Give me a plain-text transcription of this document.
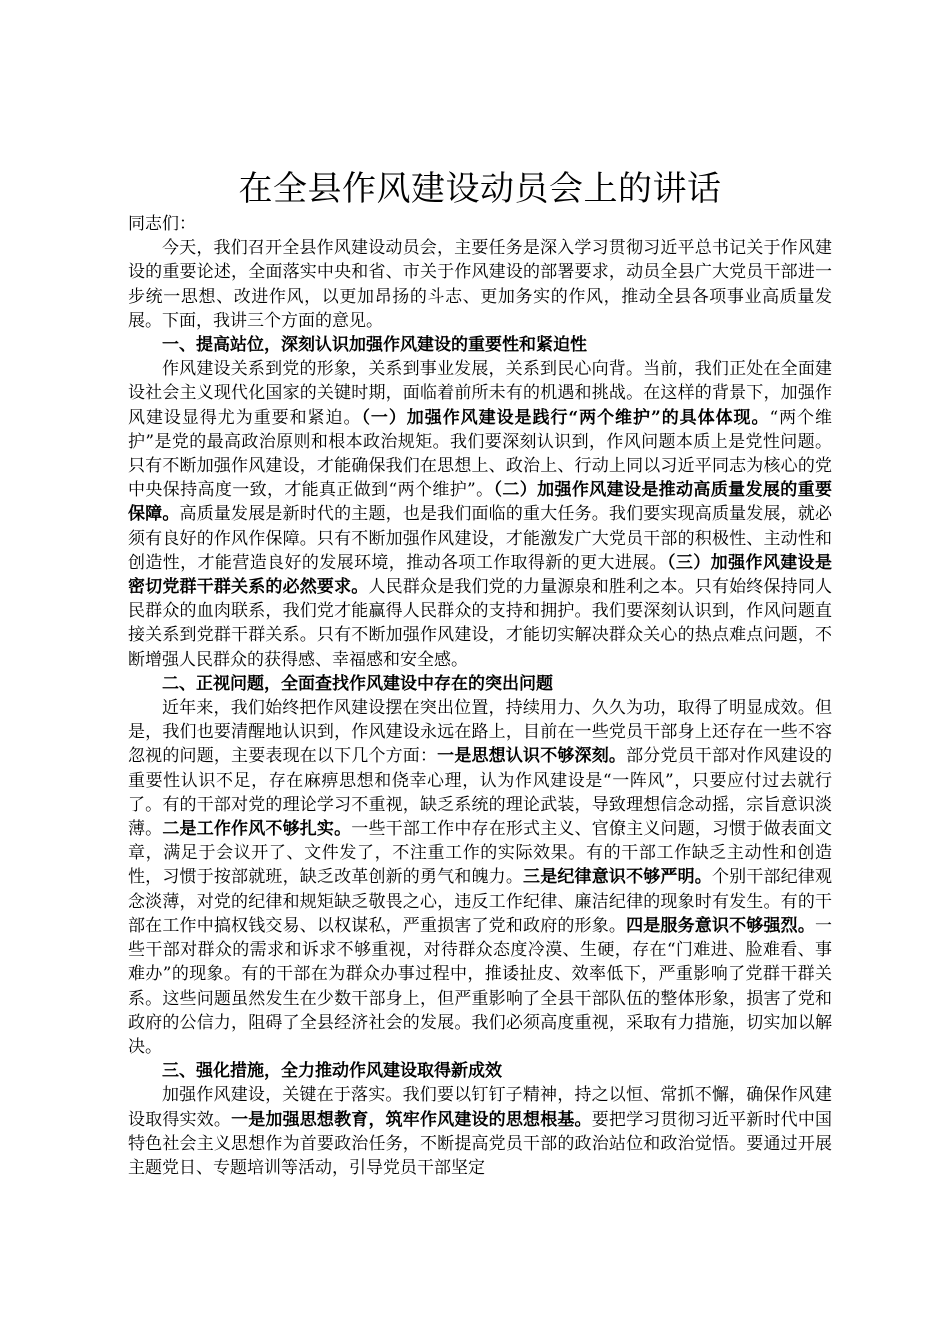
在全县作风建设动员会上的讲话

同志们：

今天，我们召开全县作风建设动员会，主要任务是深入学习贯彻习近平总书记关于作风建设的重要论述，全面落实中央和省、市关于作风建设的部署要求，动员全县广大党员干部进一步统一思想、改进作风，以更加昂扬的斗志、更加务实的作风，推动全县各项事业高质量发展。下面，我讲三个方面的意见。

一、提高站位，深刻认识加强作风建设的重要性和紧迫性

作风建设关系到党的形象，关系到事业发展，关系到民心向背。当前，我们正处在全面建设社会主义现代化国家的关键时期，面临着前所未有的机遇和挑战。在这样的背景下，加强作风建设显得尤为重要和紧迫。（一）加强作风建设是践行“两个维护”的具体体现。“两个维护”是党的最高政治原则和根本政治规矩。我们要深刻认识到，作风问题本质上是党性问题。只有不断加强作风建设，才能确保我们在思想上、政治上、行动上同以习近平同志为核心的党中央保持高度一致，才能真正做到“两个维护”。（二）加强作风建设是推动高质量发展的重要保障。高质量发展是新时代的主题，也是我们面临的重大任务。我们要实现高质量发展，就必须有良好的作风作保障。只有不断加强作风建设，才能激发广大党员干部的积极性、主动性和创造性，才能营造良好的发展环境，推动各项工作取得新的更大进展。（三）加强作风建设是密切党群干群关系的必然要求。人民群众是我们党的力量源泉和胜利之本。只有始终保持同人民群众的血肉联系，我们党才能赢得人民群众的支持和拥护。我们要深刻认识到，作风问题直接关系到党群干群关系。只有不断加强作风建设，才能切实解决群众关心的热点难点问题，不断增强人民群众的获得感、幸福感和安全感。

二、正视问题，全面查找作风建设中存在的突出问题

近年来，我们始终把作风建设摆在突出位置，持续用力、久久为功，取得了明显成效。但是，我们也要清醒地认识到，作风建设永远在路上，目前在一些党员干部身上还存在一些不容忽视的问题，主要表现在以下几个方面：一是思想认识不够深刻。部分党员干部对作风建设的重要性认识不足，存在麻痹思想和侥幸心理，认为作风建设是“一阵风”，只要应付过去就行了。有的干部对党的理论学习不重视，缺乏系统的理论武装，导致理想信念动摇，宗旨意识淡薄。二是工作作风不够扎实。一些干部工作中存在形式主义、官僚主义问题，习惯于做表面文章，满足于会议开了、文件发了，不注重工作的实际效果。有的干部工作缺乏主动性和创造性，习惯于按部就班，缺乏改革创新的勇气和魄力。三是纪律意识不够严明。个别干部纪律观念淡薄，对党的纪律和规矩缺乏敬畏之心，违反工作纪律、廉洁纪律的现象时有发生。有的干部在工作中搞权钱交易、以权谋私，严重损害了党和政府的形象。四是服务意识不够强烈。一些干部对群众的需求和诉求不够重视，对待群众态度冷漠、生硬，存在“门难进、脸难看、事难办”的现象。有的干部在为群众办事过程中，推诿扯皮、效率低下，严重影响了党群干群关系。这些问题虽然发生在少数干部身上，但严重影响了全县干部队伍的整体形象，损害了党和政府的公信力，阻碍了全县经济社会的发展。我们必须高度重视，采取有力措施，切实加以解决。

三、强化措施，全力推动作风建设取得新成效

加强作风建设，关键在于落实。我们要以钉钉子精神，持之以恒、常抓不懈，确保作风建设取得实效。一是加强思想教育，筑牢作风建设的思想根基。要把学习贯彻习近平新时代中国特色社会主义思想作为首要政治任务，不断提高党员干部的政治站位和政治觉悟。要通过开展主题党日、专题培训等活动，引导党员干部坚定
